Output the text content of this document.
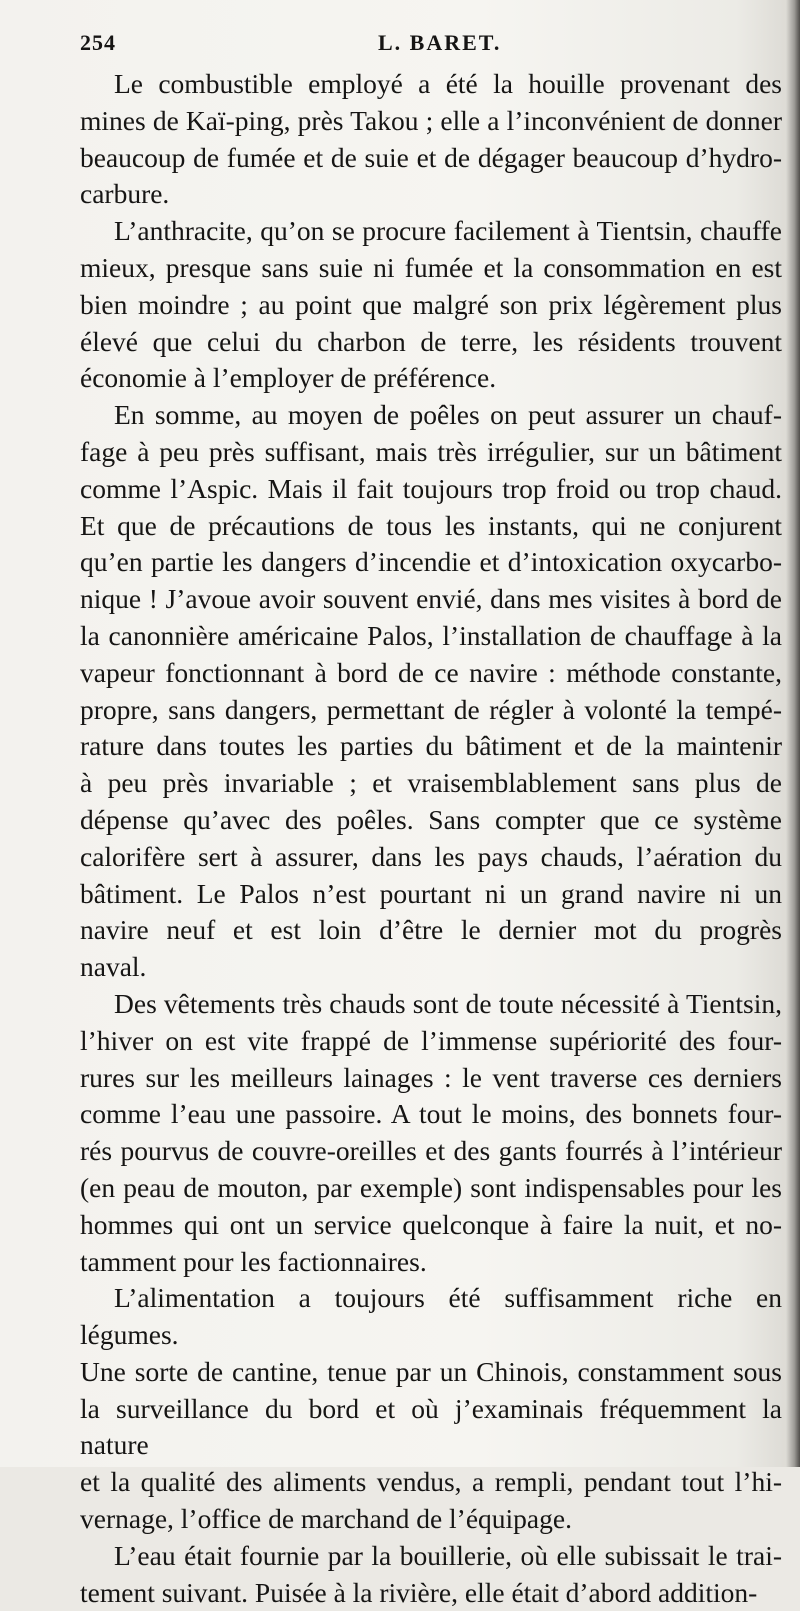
254	L. BARET.

Le combustible employé a été la houille provenant des
mines de Kaï-ping, près Takou ; elle a l’inconvénient de donner
beaucoup de fumée et de suie et de dégager beaucoup d’hydro-
carbure.

L’anthracite, qu’on se procure facilement à Tientsin, chauffe
mieux, presque sans suie ni fumée et la consommation en est
bien moindre ; au point que malgré son prix légèrement plus
élevé que celui du charbon de terre, les résidents trouvent
économie à l’employer de préférence.

En somme, au moyen de poêles on peut assurer un chauf-
fage à peu près suffisant, mais très irrégulier, sur un bâtiment
comme l’Aspic. Mais il fait toujours trop froid ou trop chaud.
Et que de précautions de tous les instants, qui ne conjurent
qu’en partie les dangers d’incendie et d’intoxication oxycarbo-
nique ! J’avoue avoir souvent envié, dans mes visites à bord de
la canonnière américaine Palos, l’installation de chauffage à la
vapeur fonctionnant à bord de ce navire : méthode constante,
propre, sans dangers, permettant de régler à volonté la tempé-
rature dans toutes les parties du bâtiment et de la maintenir
à peu près invariable ; et vraisemblablement sans plus de
dépense qu’avec des poêles. Sans compter que ce système
calorifère sert à assurer, dans les pays chauds, l’aération du
bâtiment. Le Palos n’est pourtant ni un grand navire ni un
navire neuf et est loin d’être le dernier mot du progrès
naval.

Des vêtements très chauds sont de toute nécessité à Tientsin,
l’hiver on est vite frappé de l’immense supériorité des four-
rures sur les meilleurs lainages : le vent traverse ces derniers
comme l’eau une passoire. A tout le moins, des bonnets four-
rés pourvus de couvre-oreilles et des gants fourrés à l’intérieur
(en peau de mouton, par exemple) sont indispensables pour les
hommes qui ont un service quelconque à faire la nuit, et no-
tamment pour les factionnaires.

L’alimentation a toujours été suffisamment riche en légumes.
Une sorte de cantine, tenue par un Chinois, constamment sous
la surveillance du bord et où j’examinais fréquemment la nature
et la qualité des aliments vendus, a rempli, pendant tout l’hi-
vernage, l’office de marchand de l’équipage.

L’eau était fournie par la bouillerie, où elle subissait le trai-
tement suivant. Puisée à la rivière, elle était d’abord addition-
